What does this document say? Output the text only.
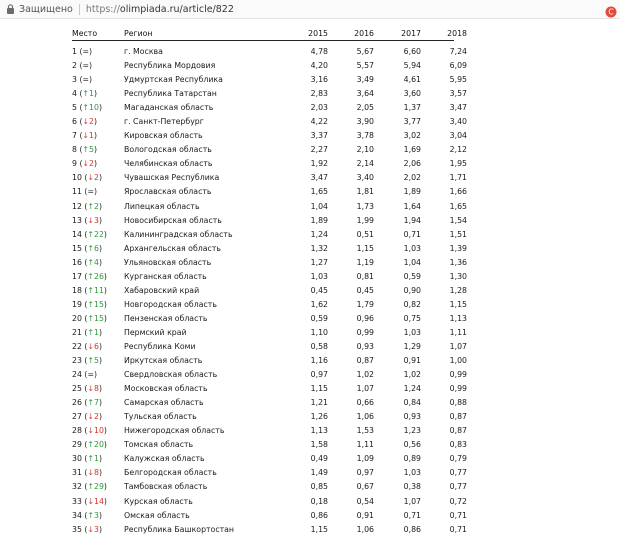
Защищено https://olimpiada.ru/article/822	C
Место	Регион	2015	2016	2017	2018
1 (=)	г. Москва	4,78	5,67	6,60	7,24
2 (=)	Республика Мордовия	4,20	5,57	5,94	6,09
3 (=)	Удмуртская Республика	3,16	3,49	4,61	5,95
4 (↑1)	Республика Татарстан	2,83	3,64	3,60	3,57
5 (↑10)	Магаданская область	2,03	2,05	1,37	3,47
6 (↓2)	г. Санкт-Петербург	4,22	3,90	3,77	3,40
7 (↓1)	Кировская область	3,37	3,78	3,02	3,04
8 (↑5)	Вологодская область	2,27	2,10	1,69	2,12
9 (↓2)	Челябинская область	1,92	2,14	2,06	1,95
10 (↓2)	Чувашская Республика	3,47	3,40	2,02	1,71
11 (=)	Ярославская область	1,65	1,81	1,89	1,66
12 (↑2)	Липецкая область	1,04	1,73	1,64	1,65
13 (↓3)	Новосибирская область	1,89	1,99	1,94	1,54
14 (↑22) Калининградская область	1,24	0,51	0,71	1,51
15 (↑6)	Архангельская область	1,32	1,15	1,03	1,39
16 (↑4)	Ульяновская область	1,27	1,19	1,04	1,36
17 (↑26) Курганская область	1,03	0,81	0,59	1,30
18 (↑11) Хабаровский край	0,45	0,45	0,90	1,28
19 (↑15) Новгородская область	1,62	1,79	0,82	1,15
20 (↑15) Пензенская область	0,59	0,96	0,75	1,13
21 (↑1)	Пермский край	1,10	0,99	1,03	1,11
22 (↓6)	Республика Коми	0,58	0,93	1,29	1,07
23 (↑5)	Иркутская область	1,16	0,87	0,91	1,00
24 (=)	Свердловская область	0,97	1,02	1,02	0,99
25 (↓8)	Московская область	1,15	1,07	1,24	0,99
26 (↑7)	Самарская область	1,21	0,66	0,84	0,88
27 (↓2)	Тульская область	1,26	1,06	0,93	0,87
28 (↓10) Нижегородская область	1,13	1,53	1,23	0,87
29 (↑20) Томская область	1,58	1,11	0,56	0,83
30 (↑1)	Калужская область	0,49	1,09	0,89	0,79
31 (↓8)	Белгородская область	1,49	0,97	1,03	0,77
32 (↑29) Тамбовская область	0,85	0,67	0,38	0,77
33 (↓14) Курская область	0,18	0,54	1,07	0,72
34 (↑3)	Омская область	0,86	0,91	0,71	0,71
35 (↓3)	Республика Башкортостан	1,15	1,06	0,86	0,71
